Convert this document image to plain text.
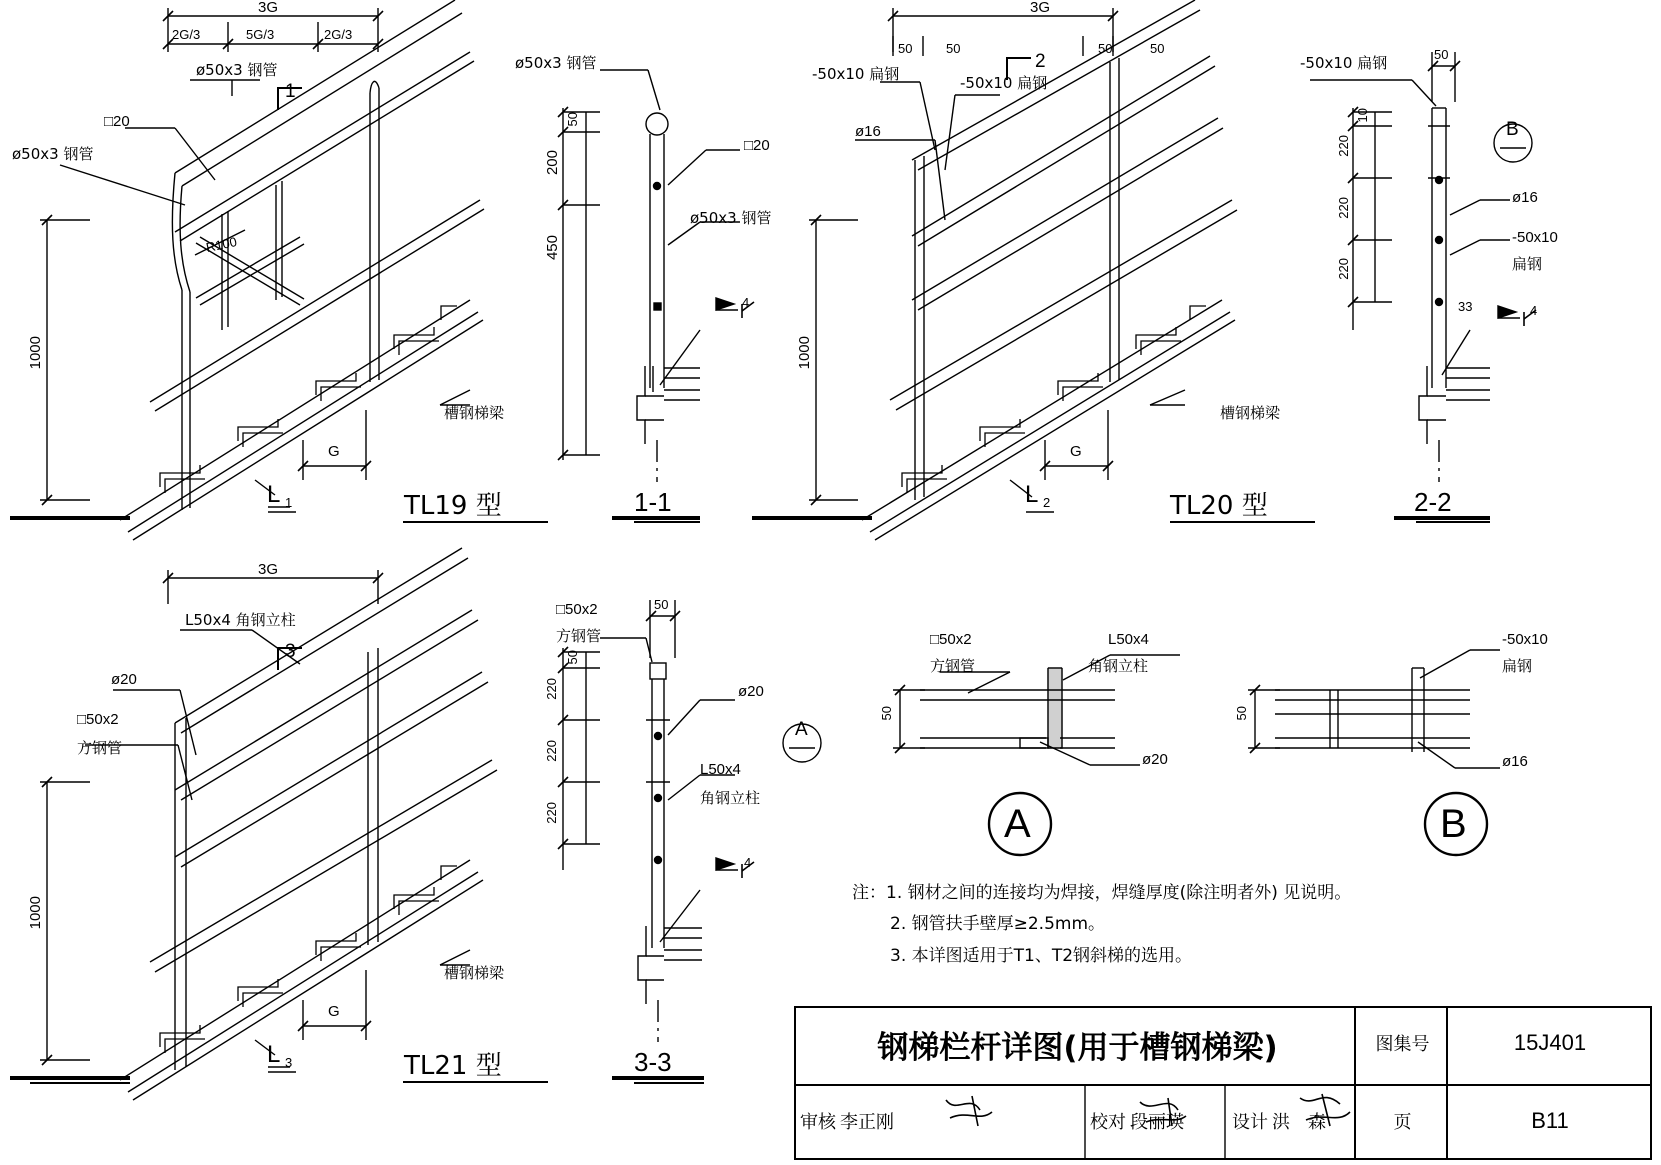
3G
2G/3	5G/3	2G/3
ø50x3 钢管
□20
ø50x3 钢管
R100
槽钢梯梁
1
1000
G
L 1	TL19 型
ø50x3 钢管
□20
ø50x3 钢管
4
50
200
450
1-1
3G
50	50	50	50
-50x10 扁钢	-50x10 扁钢
ø16
槽钢梯梁
2
1000
G
L 2	TL20 型
-50x10 扁钢	50
10
220
220
220
ø16
-50x10
扁钢
33	4
B
2-2
3G
L50x4 角钢立柱
ø20
□50x2
方钢管
槽钢梯梁
3
1000
G
L 3	TL21 型
□50x2
方钢管
50
50
220
220
220
ø20
L50x4
角钢立柱
4
A
3-3
□50x2
方钢管
L50x4
角钢立柱
ø20
50
A
-50x10
扁钢
ø16
50
B
注： 1. 钢材之间的连接均为焊接，焊缝厚度(除注明者外) 见说明。
2. 钢管扶手壁厚≥2.5mm。
3. 本详图适用于T1、T2钢斜梯的选用。
钢梯栏杆详图(用于槽钢梯梁)	图集号	15J401
页	B11
审核 李正刚	校对 段丽瑛	设计 洪　森
